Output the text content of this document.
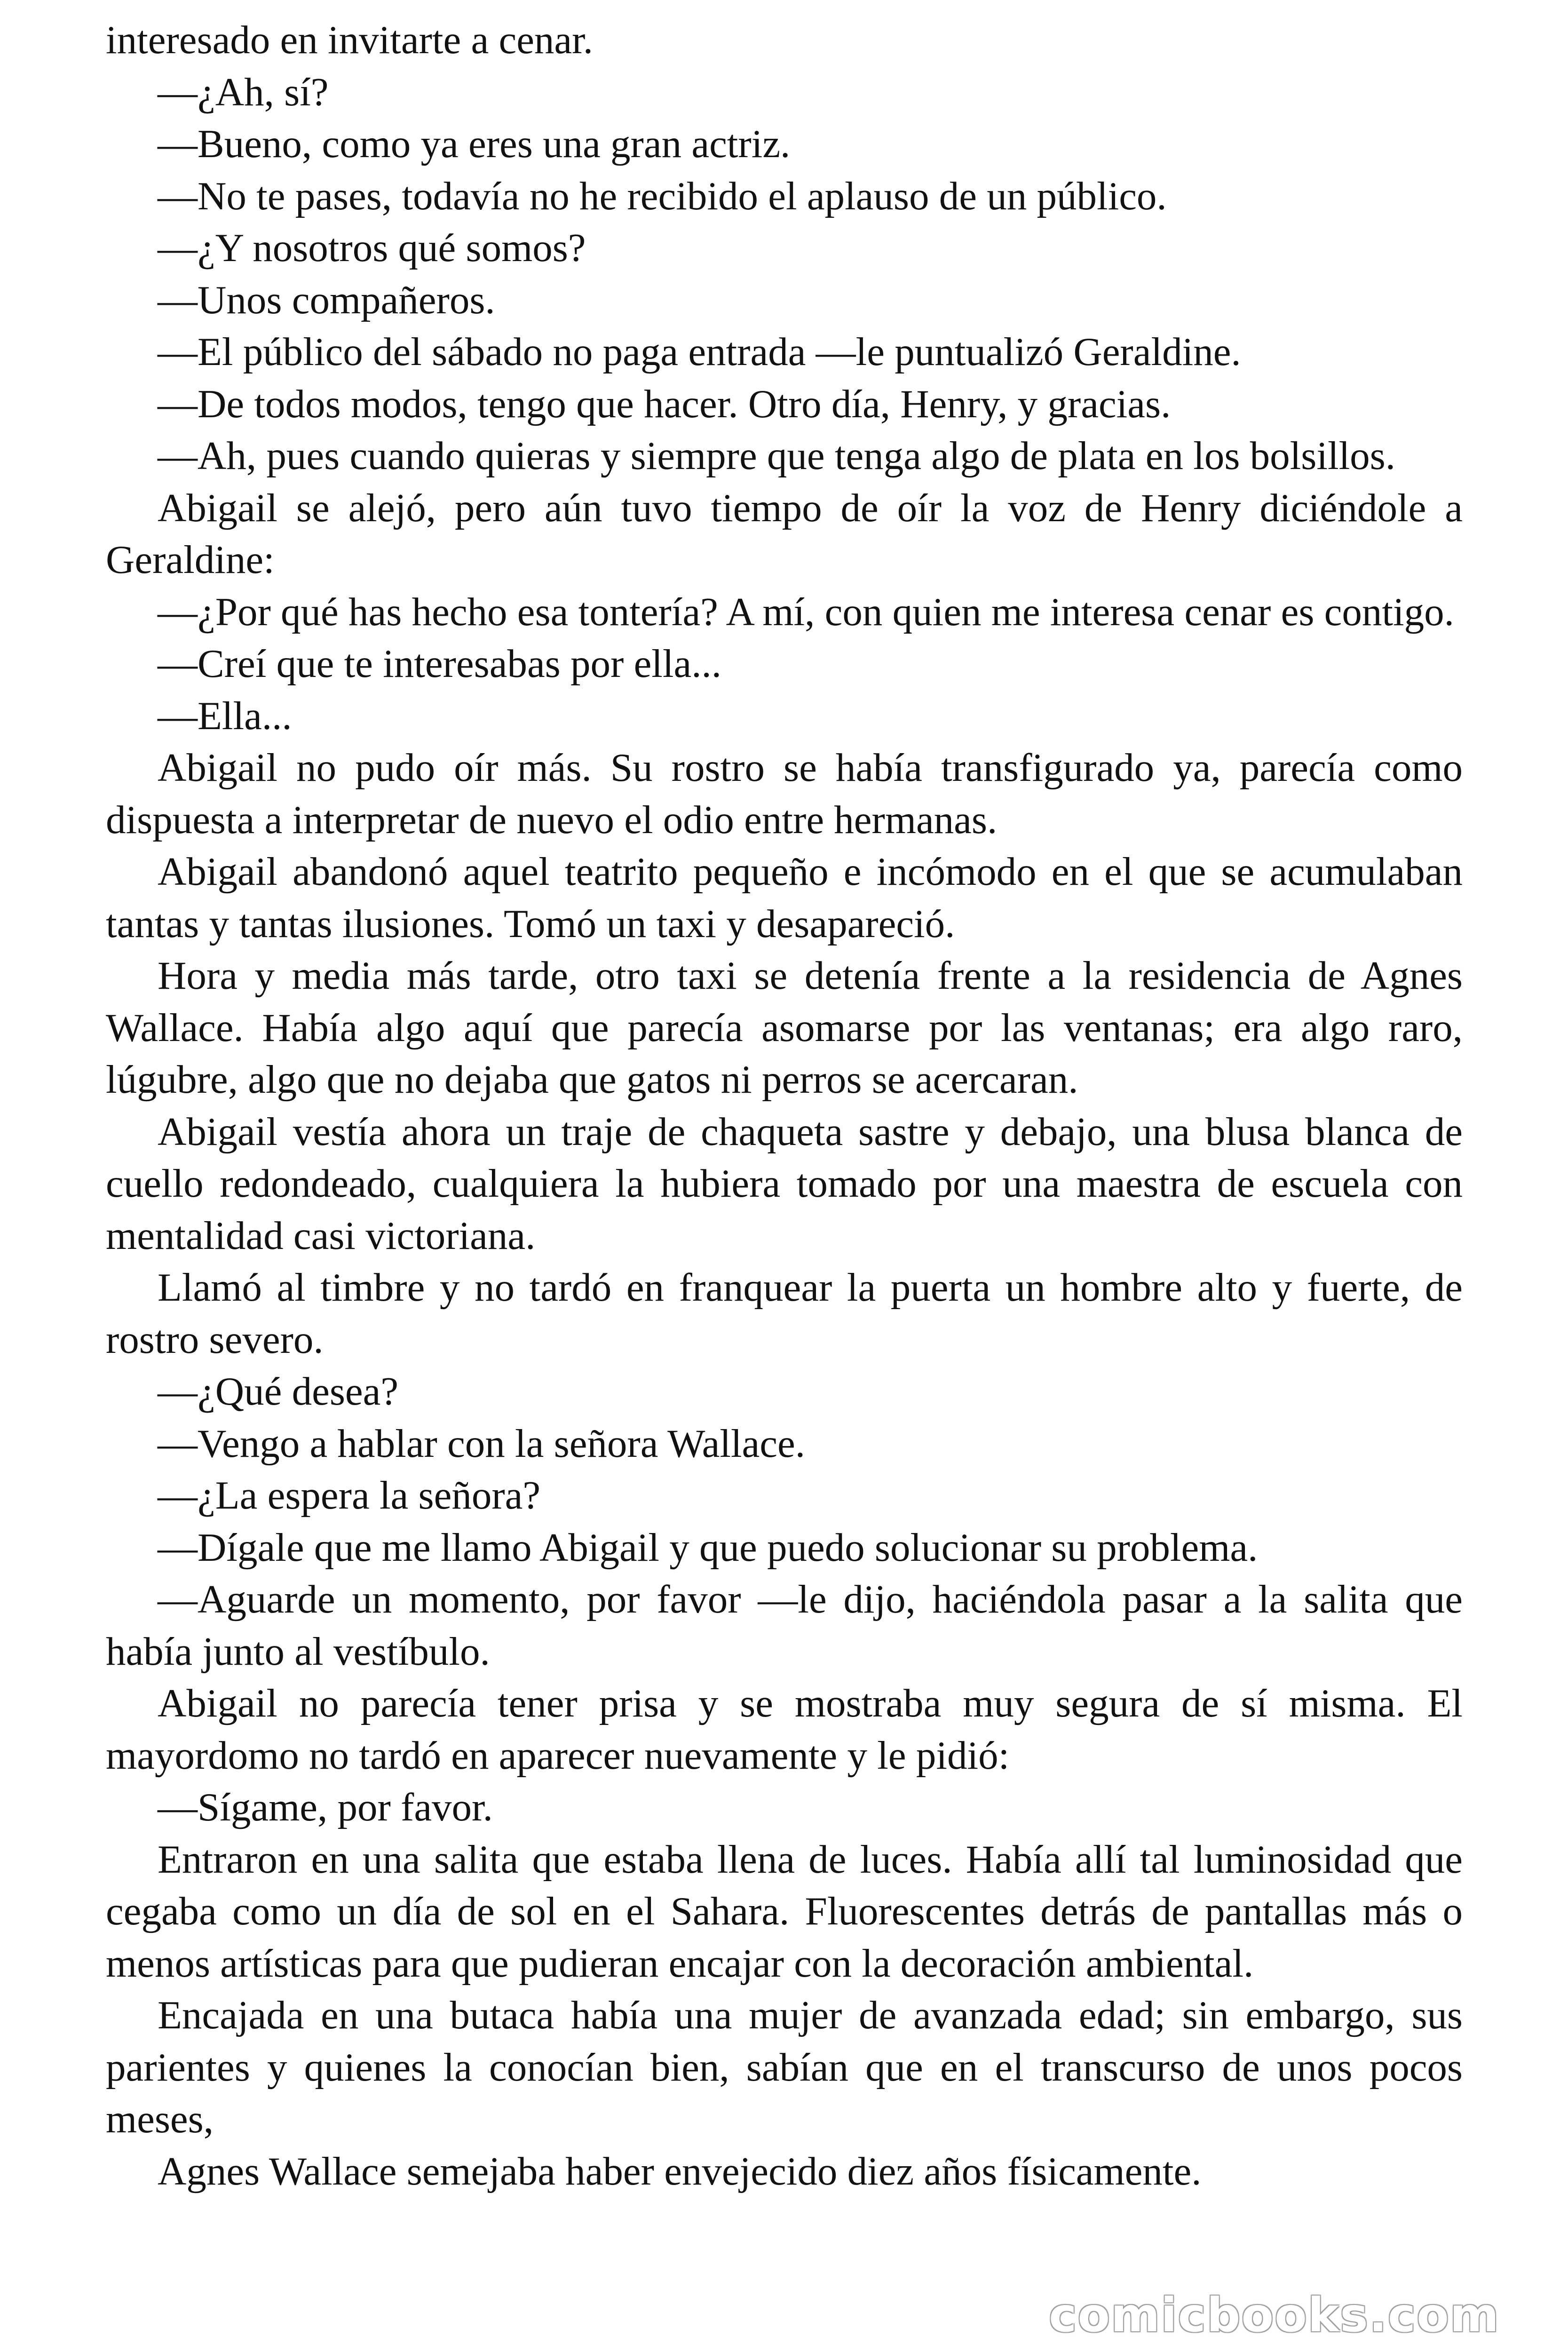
interesado en invitarte a cenar.

—¿Ah, sí?

—Bueno, como ya eres una gran actriz.

—No te pases, todavía no he recibido el aplauso de un público.

—¿Y nosotros qué somos?

—Unos compañeros.

—El público del sábado no paga entrada —le puntualizó Geraldine.

—De todos modos, tengo que hacer. Otro día, Henry, y gracias.

—Ah, pues cuando quieras y siempre que tenga algo de plata en los bolsillos.

Abigail se alejó, pero aún tuvo tiempo de oír la voz de Henry diciéndole a Geraldine:

—¿Por qué has hecho esa tontería? A mí, con quien me interesa cenar es contigo.

—Creí que te interesabas por ella...

—Ella...

Abigail no pudo oír más. Su rostro se había transfigurado ya, parecía como dispuesta a interpretar de nuevo el odio entre hermanas.

Abigail abandonó aquel teatrito pequeño e incómodo en el que se acumulaban tantas y tantas ilusiones. Tomó un taxi y desapareció.

Hora y media más tarde, otro taxi se detenía frente a la residencia de Agnes Wallace. Había algo aquí que parecía asomarse por las ventanas; era algo raro, lúgubre, algo que no dejaba que gatos ni perros se acercaran.

Abigail vestía ahora un traje de chaqueta sastre y debajo, una blusa blanca de cuello redondeado, cualquiera la hubiera tomado por una maestra de escuela con mentalidad casi victoriana.

Llamó al timbre y no tardó en franquear la puerta un hombre alto y fuerte, de rostro severo.

—¿Qué desea?

—Vengo a hablar con la señora Wallace.

—¿La espera la señora?

—Dígale que me llamo Abigail y que puedo solucionar su problema.

—Aguarde un momento, por favor —le dijo, haciéndola pasar a la salita que había junto al vestíbulo.

Abigail no parecía tener prisa y se mostraba muy segura de sí misma. El mayordomo no tardó en aparecer nuevamente y le pidió:

—Sígame, por favor.

Entraron en una salita que estaba llena de luces. Había allí tal luminosidad que cegaba como un día de sol en el Sahara. Fluorescentes detrás de pantallas más o menos artísticas para que pudieran encajar con la decoración ambiental.

Encajada en una butaca había una mujer de avanzada edad; sin embargo, sus parientes y quienes la conocían bien, sabían que en el transcurso de unos pocos meses,

Agnes Wallace semejaba haber envejecido diez años físicamente.

comicbooks.com
